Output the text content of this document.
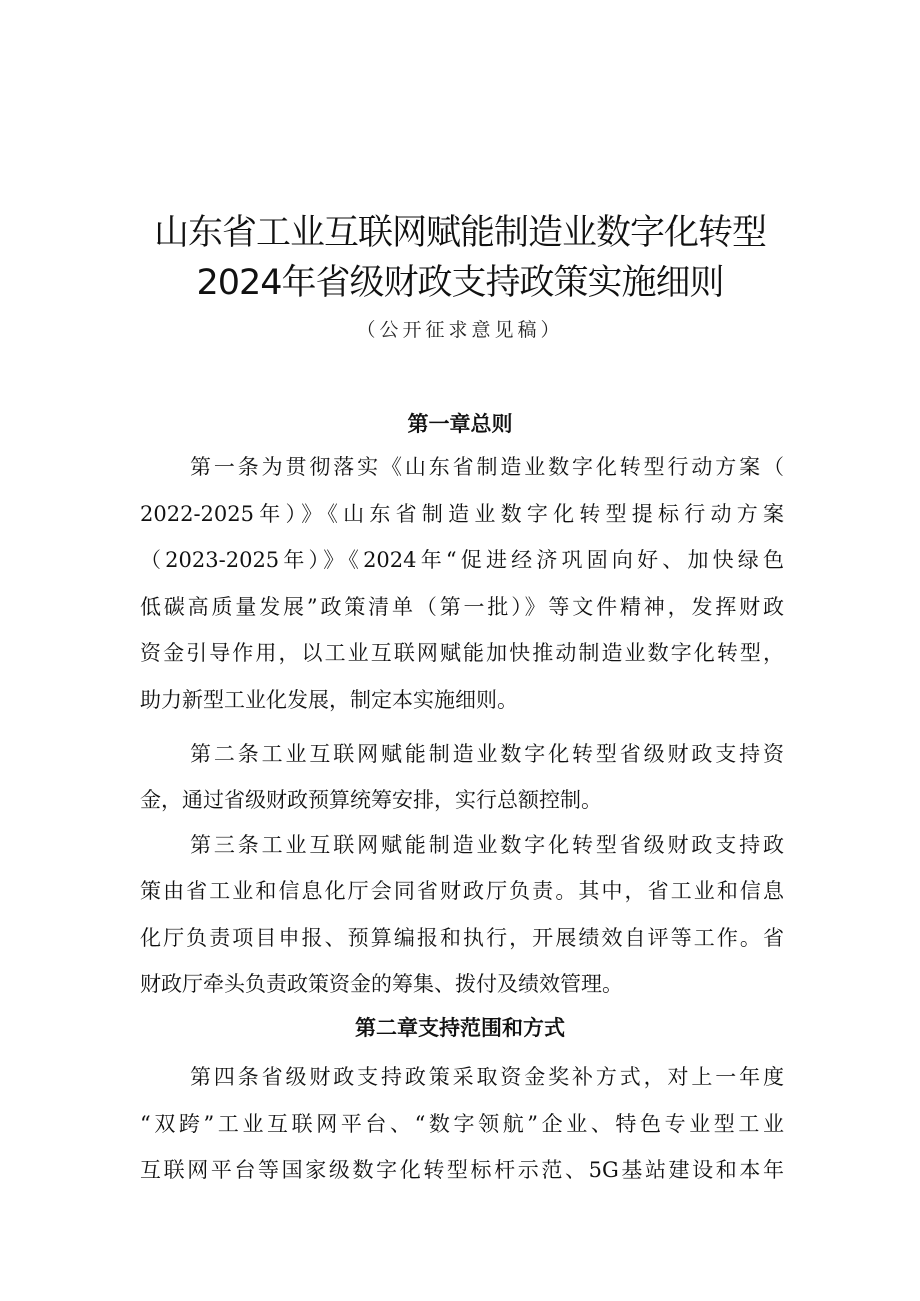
山东省工业互联网赋能制造业数字化转型
2024年省级财政支持政策实施细则
（公开征求意见稿）
第一章总则
第一条为贯彻落实《山东省制造业数字化转型行动方案（
2022-2025年）》《山东省制造业数字化转型提标行动方案
（2023-2025年）》《2024年“促进经济巩固向好、加快绿色
低碳高质量发展”政策清单（第一批）》等文件精神，发挥财政
资金引导作用，以工业互联网赋能加快推动制造业数字化转型，
助力新型工业化发展，制定本实施细则。
第二条工业互联网赋能制造业数字化转型省级财政支持资
金，通过省级财政预算统筹安排，实行总额控制。
第三条工业互联网赋能制造业数字化转型省级财政支持政
策由省工业和信息化厅会同省财政厅负责。其中，省工业和信息
化厅负责项目申报、预算编报和执行，开展绩效自评等工作。省
财政厅牵头负责政策资金的筹集、拨付及绩效管理。
第二章支持范围和方式
第四条省级财政支持政策采取资金奖补方式，对上一年度
“双跨”工业互联网平台、“数字领航”企业、特色专业型工业
互联网平台等国家级数字化转型标杆示范、5G基站建设和本年
